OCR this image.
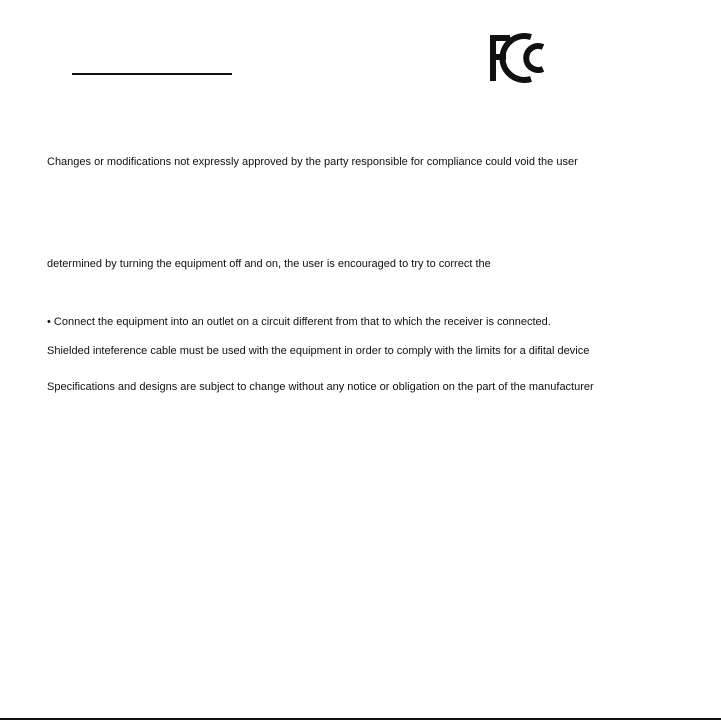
Changes or modifications not expressly approved by the party responsible for compliance could void the user
determined by turning the equipment off and on, the user is encouraged to try to correct the
• Connect the equipment into an outlet on a circuit different from that to which the receiver is connected.
Shielded inteference cable must be used with the equipment in order to comply with the limits for a difital device
Specifications and designs are subject to change without any notice or obligation on the part of the manufacturer
